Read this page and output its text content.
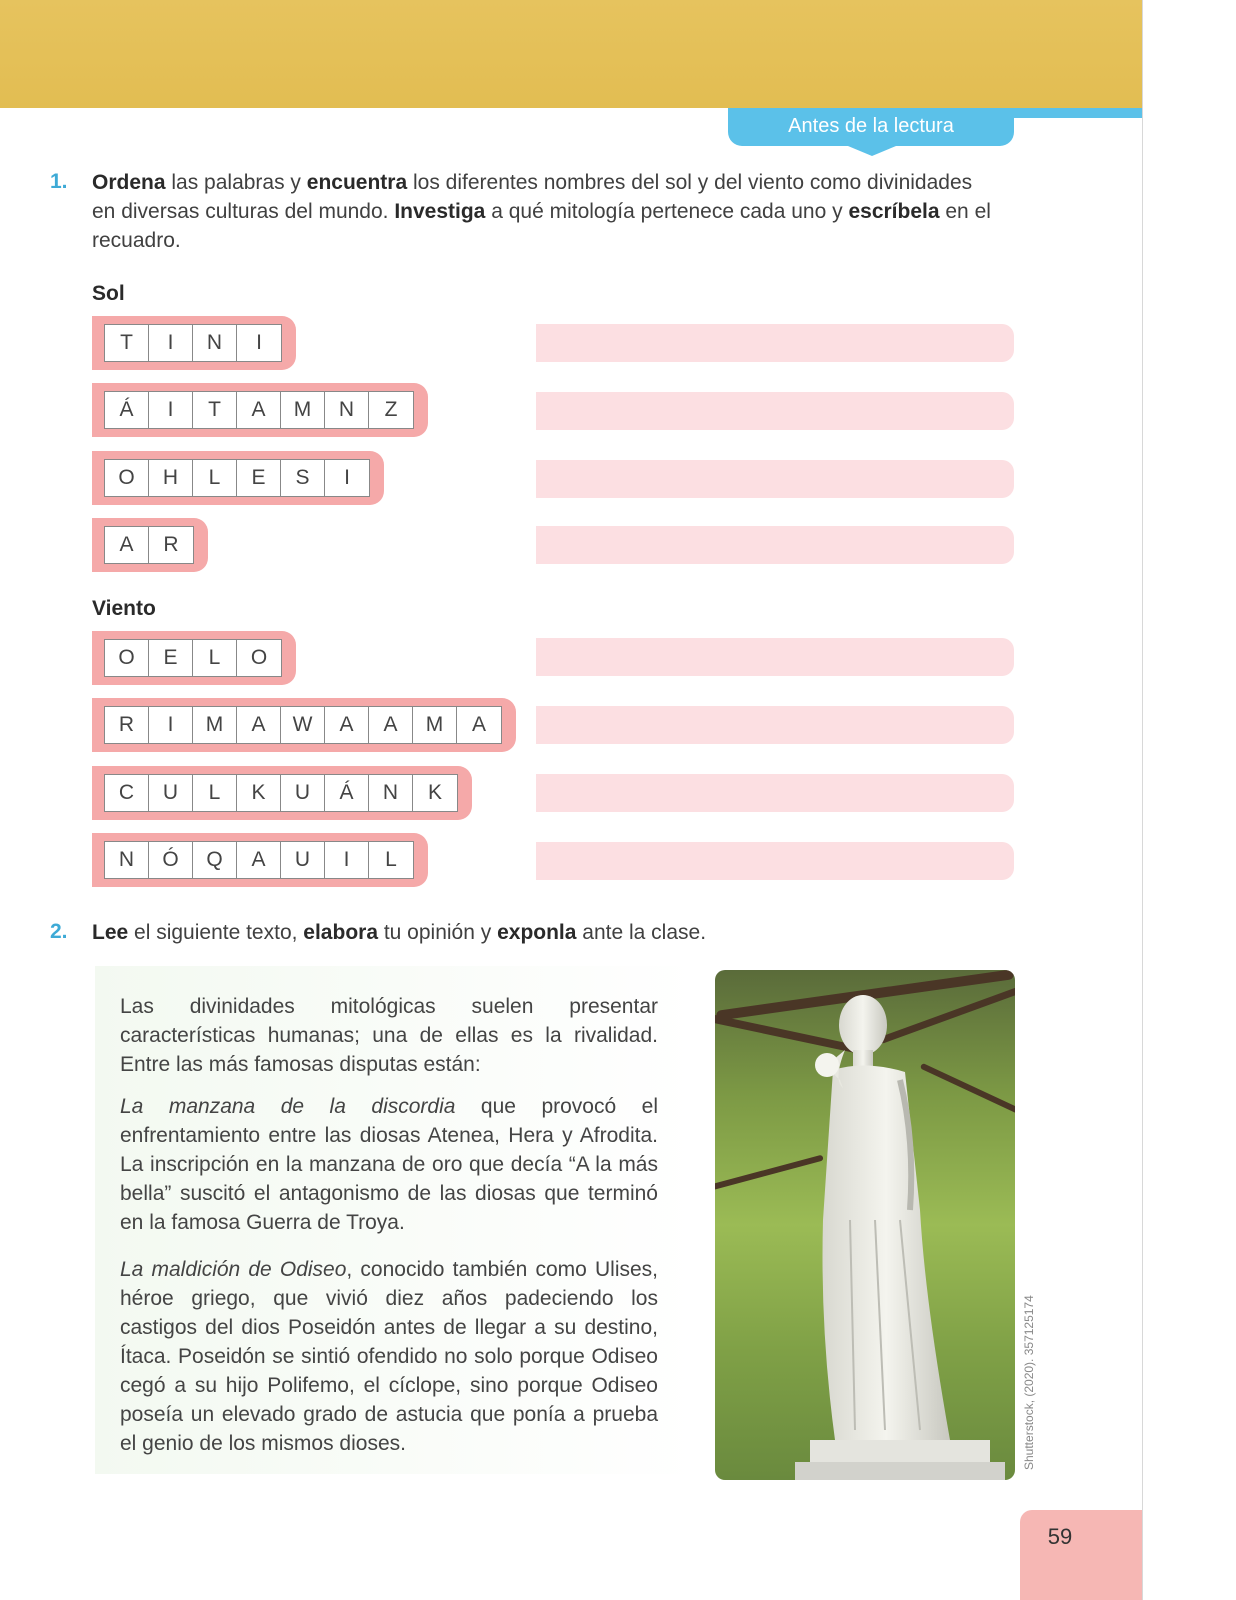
Antes de la lectura
1. Ordena las palabras y encuentra los diferentes nombres del sol y del viento como divinidades
en diversas culturas del mundo. Investiga a qué mitología pertenece cada uno y escríbela en el
recuadro.
Sol
Viento
T	I	N	I
Á	I	T	A	M	N	Z
O	H	L	E	S	I
A	R
O	E	L	O
R	I	M	A	W	A	A	M	A
C	U	L	K	U	Á	N	K
N	Ó	Q	A	U	I	L
2. Lee el siguiente texto, elabora tu opinión y exponla ante la clase.
Las divinidades mitológicas suelen presentar características humanas; una de ellas es la rivalidad. Entre las más famosas disputas están:
La manzana de la discordia que provocó el enfrentamiento entre las diosas Atenea, Hera y Afrodita. La inscripción en la manzana de oro que decía “A la más bella” suscitó el antagonismo de las diosas que terminó en la famosa Guerra de Troya.
La maldición de Odiseo, conocido también como Ulises, héroe griego, que vivió diez años padeciendo los castigos del dios Poseidón antes de llegar a su destino, Ítaca. Poseidón se sintió ofendido no solo porque Odiseo cegó a su hijo Polifemo, el cíclope, sino porque Odiseo poseía un elevado grado de astucia que ponía a prueba el genio de los mismos dioses.	Shutterstock, (2020). 357125174
59
